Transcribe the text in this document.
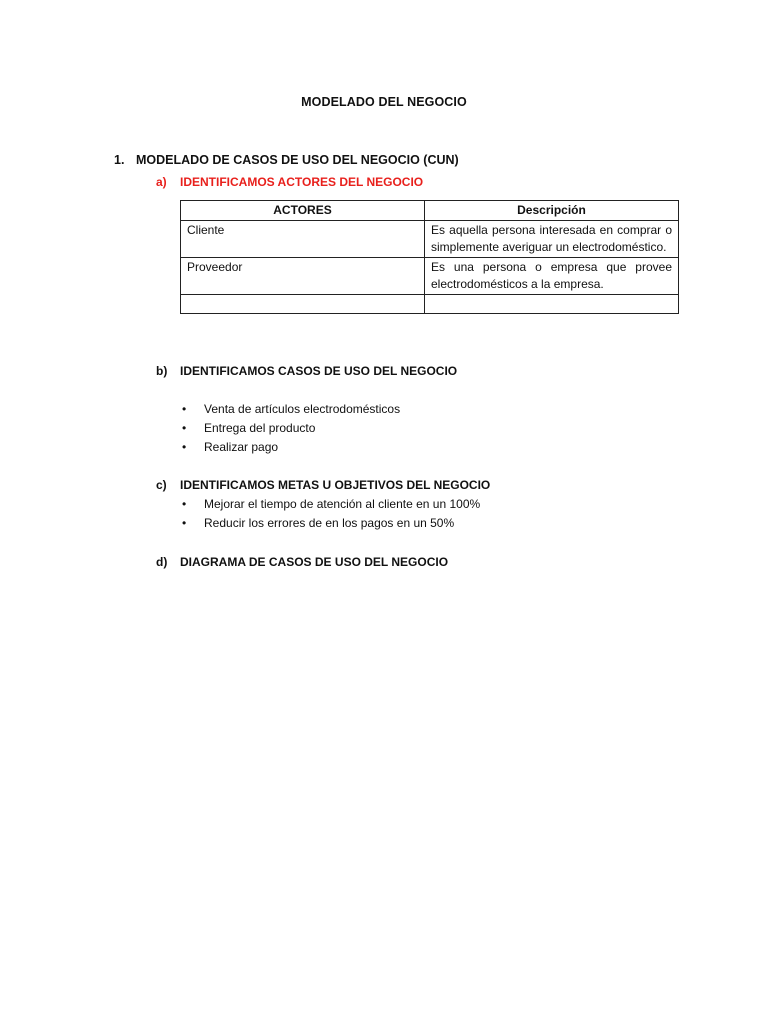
MODELADO DEL NEGOCIO
1. MODELADO DE CASOS DE USO DEL NEGOCIO (CUN)
a) IDENTIFICAMOS ACTORES DEL NEGOCIO
ACTORES	Descripción
Cliente	Es aquella persona interesada en comprar o simplemente averiguar un electrodoméstico.
Proveedor	Es una persona o empresa que provee electrodomésticos a la empresa.

b) IDENTIFICAMOS CASOS DE USO DEL NEGOCIO
• Venta de artículos electrodomésticos
• Entrega del producto
• Realizar pago
c) IDENTIFICAMOS METAS U OBJETIVOS DEL NEGOCIO
• Mejorar el tiempo de atención al cliente en un 100%
• Reducir los errores de en los pagos en un 50%
d) DIAGRAMA DE CASOS DE USO DEL NEGOCIO
